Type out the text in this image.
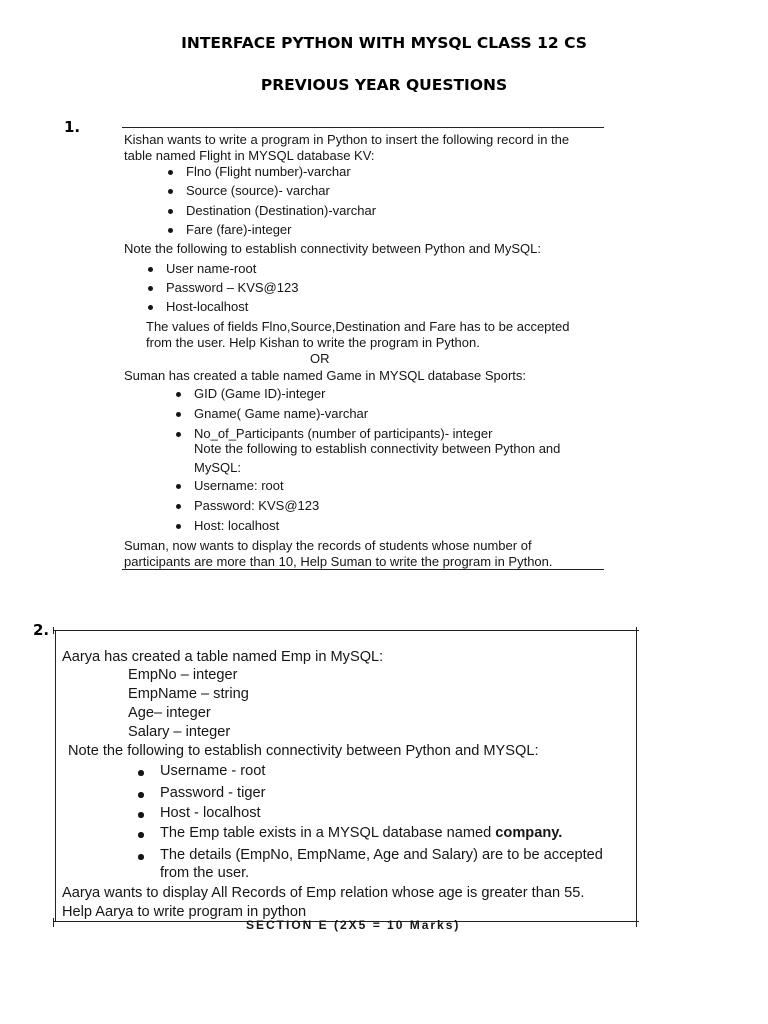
INTERFACE PYTHON WITH MYSQL CLASS 12 CS
PREVIOUS YEAR QUESTIONS
1.
Kishan wants to write a program in Python to insert the following record in the
table named Flight in MYSQL database KV:
Flno (Flight number)-varchar
Source (source)- varchar
Destination (Destination)-varchar
Fare (fare)-integer
Note the following to establish connectivity between Python and MySQL:
User name-root
Password – KVS@123
Host-localhost
The values of fields Flno,Source,Destination and Fare has to be accepted
from the user. Help Kishan to write the program in Python.
OR
Suman has created a table named Game in MYSQL database Sports:
GID (Game ID)-integer
Gname( Game name)-varchar
No_of_Participants (number of participants)- integer
Note the following to establish connectivity between Python and
MySQL:
Username: root
Password: KVS@123
Host: localhost
Suman, now wants to display the records of students whose number of
participants are more than 10, Help Suman to write the program in Python.
2.
Aarya has created a table named Emp in MySQL:
EmpNo – integer
EmpName – string
Age– integer
Salary – integer
Note the following to establish connectivity between Python and MYSQL:
Username - root
Password - tiger
Host - localhost
The Emp table exists in a MYSQL database named company.
The details (EmpNo, EmpName, Age and Salary) are to be accepted
from the user.
Aarya wants to display All Records of Emp relation whose age is greater than 55.
Help Aarya to write program in python
SECTION E (2X5 = 10 Marks)
